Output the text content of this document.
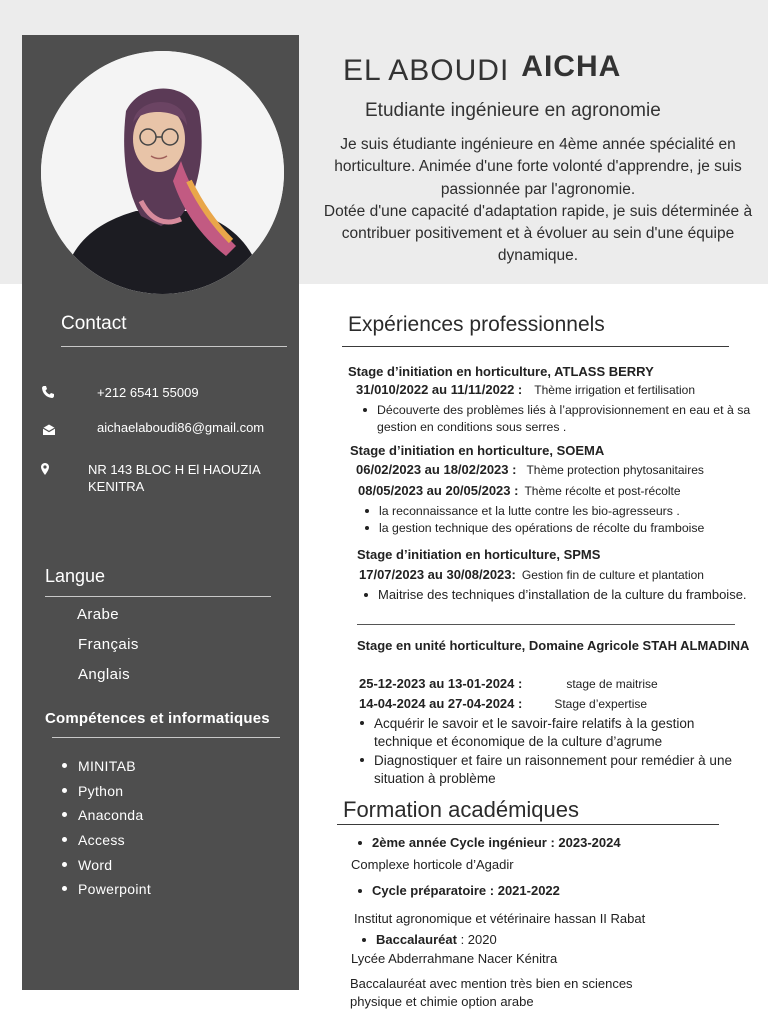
Contact
+212 6541 55009
aichaelaboudi86@gmail.com
NR 143 BLOC H El HAOUZIA KENITRA
Langue
Arabe
Français
Anglais
Compétences et informatiques
MINITAB
Python
Anaconda
Access
Word
Powerpoint
EL ABOUDI AICHA
Etudiante ingénieure en agronomie
Je suis étudiante ingénieure en 4ème année spécialité en horticulture. Animée d'une forte volonté d'apprendre, je suis passionnée par l'agronomie.
Dotée d'une capacité d'adaptation rapide, je suis déterminée à contribuer positivement et à évoluer au sein d'une équipe dynamique.
Expériences professionnels
Stage d’initiation en horticulture, ATLASS BERRY
31/010/2022 au 11/11/2022 : Thème irrigation et fertilisation
Découverte des problèmes liés à l’approvisionnement en eau et à sa gestion en conditions sous serres .
Stage d’initiation en horticulture, SOEMA
06/02/2023 au 18/02/2023 : Thème protection phytosanitaires
08/05/2023 au 20/05/2023 : Thème récolte et post-récolte
la reconnaissance et la lutte contre les bio-agresseurs .
la gestion technique des opérations de récolte du framboise
Stage d’initiation en horticulture, SPMS
17/07/2023 au 30/08/2023: Gestion fin de culture et plantation
Maitrise des techniques d’installation de la culture du framboise.
Stage en unité horticulture, Domaine Agricole STAH ALMADINA
25-12-2023 au 13-01-2024 :	stage de maitrise
14-04-2024 au 27-04-2024 :	Stage d’expertise
Acquérir le savoir et le savoir-faire relatifs à la gestion technique et économique de la culture d’agrume
Diagnostiquer et faire un raisonnement pour remédier à une situation à problème
Formation académiques
2ème année Cycle ingénieur : 2023-2024
Complexe horticole d’Agadir
Cycle préparatoire : 2021-2022
Institut agronomique et vétérinaire hassan II Rabat
Baccalauréat : 2020
Lycée Abderrahmane Nacer Kénitra
Baccalauréat avec mention très bien en sciences physique et chimie option arabe
